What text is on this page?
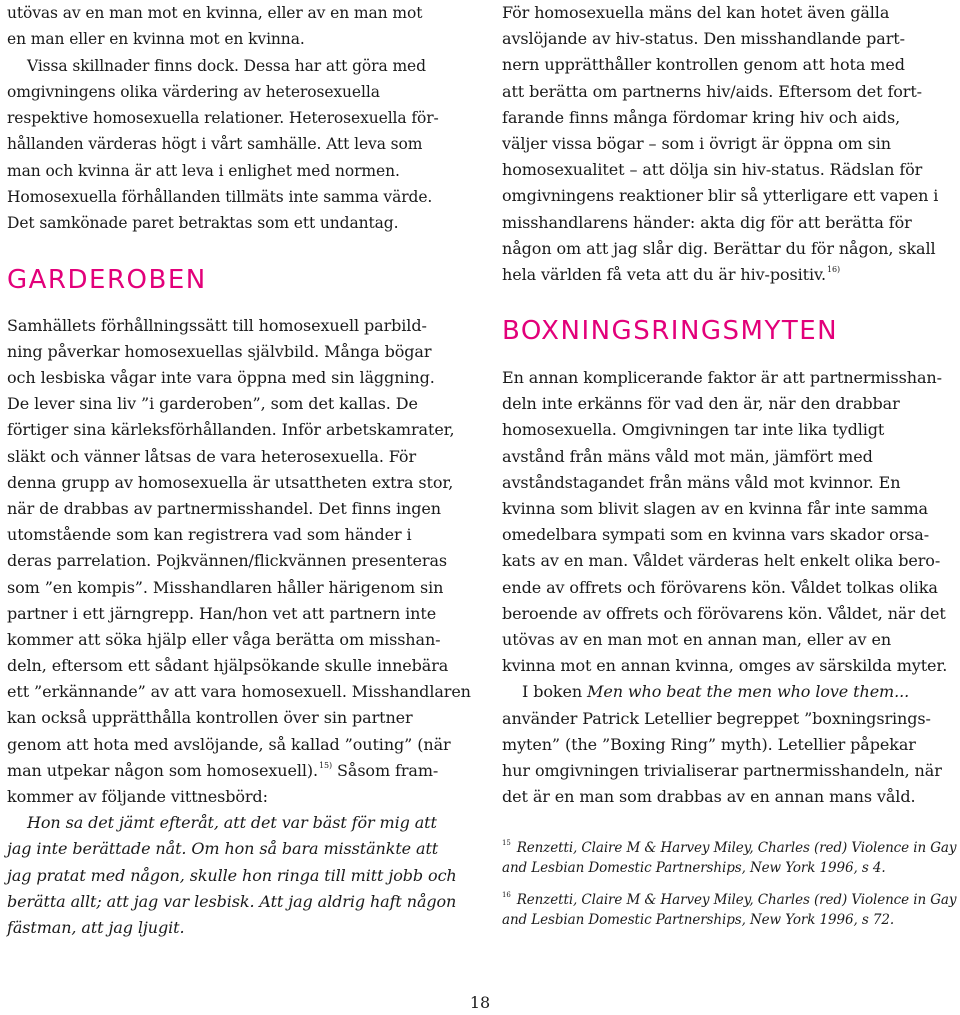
utövas av en man mot en kvinna, eller av en man mot
en man eller en kvinna mot en kvinna.
Vissa skillnader finns dock. Dessa har att göra med
omgivningens olika värdering av heterosexuella
respektive homosexuella relationer. Heterosexuella för-
hållanden värderas högt i vårt samhälle. Att leva som
man och kvinna är att leva i enlighet med normen.
Homosexuella förhållanden tillmäts inte samma värde.
Det samkönade paret betraktas som ett undantag.
GARDEROBEN
Samhällets förhållningssätt till homosexuell parbild-
ning påverkar homosexuellas självbild. Många bögar
och lesbiska vågar inte vara öppna med sin läggning.
De lever sina liv ”i garderoben”, som det kallas. De
förtiger sina kärleksförhållanden. Inför arbetskamrater,
släkt och vänner låtsas de vara heterosexuella. För
denna grupp av homosexuella är utsattheten extra stor,
när de drabbas av partnermisshandel. Det finns ingen
utomstående som kan registrera vad som händer i
deras parrelation. Pojkvännen/flickvännen presenteras
som ”en kompis”. Misshandlaren håller härigenom sin
partner i ett järngrepp. Han/hon vet att partnern inte
kommer att söka hjälp eller våga berätta om misshan-
deln, eftersom ett sådant hjälpsökande skulle innebära
ett ”erkännande” av att vara homosexuell. Misshandlaren
kan också upprätthålla kontrollen över sin partner
genom att hota med avslöjande, så kallad ”outing” (när
man utpekar någon som homosexuell).$^{15)}$ Såsom fram-
kommer av följande vittnesbörd:
Hon sa det jämt efteråt, att det var bäst för mig att
jag inte berättade nåt. Om hon så bara misstänkte att
jag pratat med någon, skulle hon ringa till mitt jobb och
berätta allt; att jag var lesbisk. Att jag aldrig haft någon
fästman, att jag ljugit.
För homosexuella mäns del kan hotet även gälla
avslöjande av hiv-status. Den misshandlande part-
nern upprätthåller kontrollen genom att hota med
att berätta om partnerns hiv/aids. Eftersom det fort-
farande finns många fördomar kring hiv och aids,
väljer vissa bögar – som i övrigt är öppna om sin
homosexualitet – att dölja sin hiv-status. Rädslan för
omgivningens reaktioner blir så ytterligare ett vapen i
misshandlarens händer: akta dig för att berätta för
någon om att jag slår dig. Berättar du för någon, skall
hela världen få veta att du är hiv-positiv.$^{16)}$
BOXNINGSRINGSMYTEN
En annan komplicerande faktor är att partnermisshan-
deln inte erkänns för vad den är, när den drabbar
homosexuella. Omgivningen tar inte lika tydligt
avstånd från mäns våld mot män, jämfört med
avståndstagandet från mäns våld mot kvinnor. En
kvinna som blivit slagen av en kvinna får inte samma
omedelbara sympati som en kvinna vars skador orsa-
kats av en man. Våldet värderas helt enkelt olika bero-
ende av offrets och förövarens kön. Våldet tolkas olika
beroende av offrets och förövarens kön. Våldet, när det
utövas av en man mot en annan man, eller av en
kvinna mot en annan kvinna, omges av särskilda myter.
I boken Men who beat the men who love them...
använder Patrick Letellier begreppet ”boxningsrings-
myten” (the ”Boxing Ring” myth). Letellier påpekar
hur omgivningen trivialiserar partnermisshandeln, när
det är en man som drabbas av en annan mans våld.
$^{15}$ Renzetti, Claire M & Harvey Miley, Charles (red) Violence in Gay
and Lesbian Domestic Partnerships, New York 1996, s 4.
$^{16}$ Renzetti, Claire M & Harvey Miley, Charles (red) Violence in Gay
and Lesbian Domestic Partnerships, New York 1996, s 72.
18
